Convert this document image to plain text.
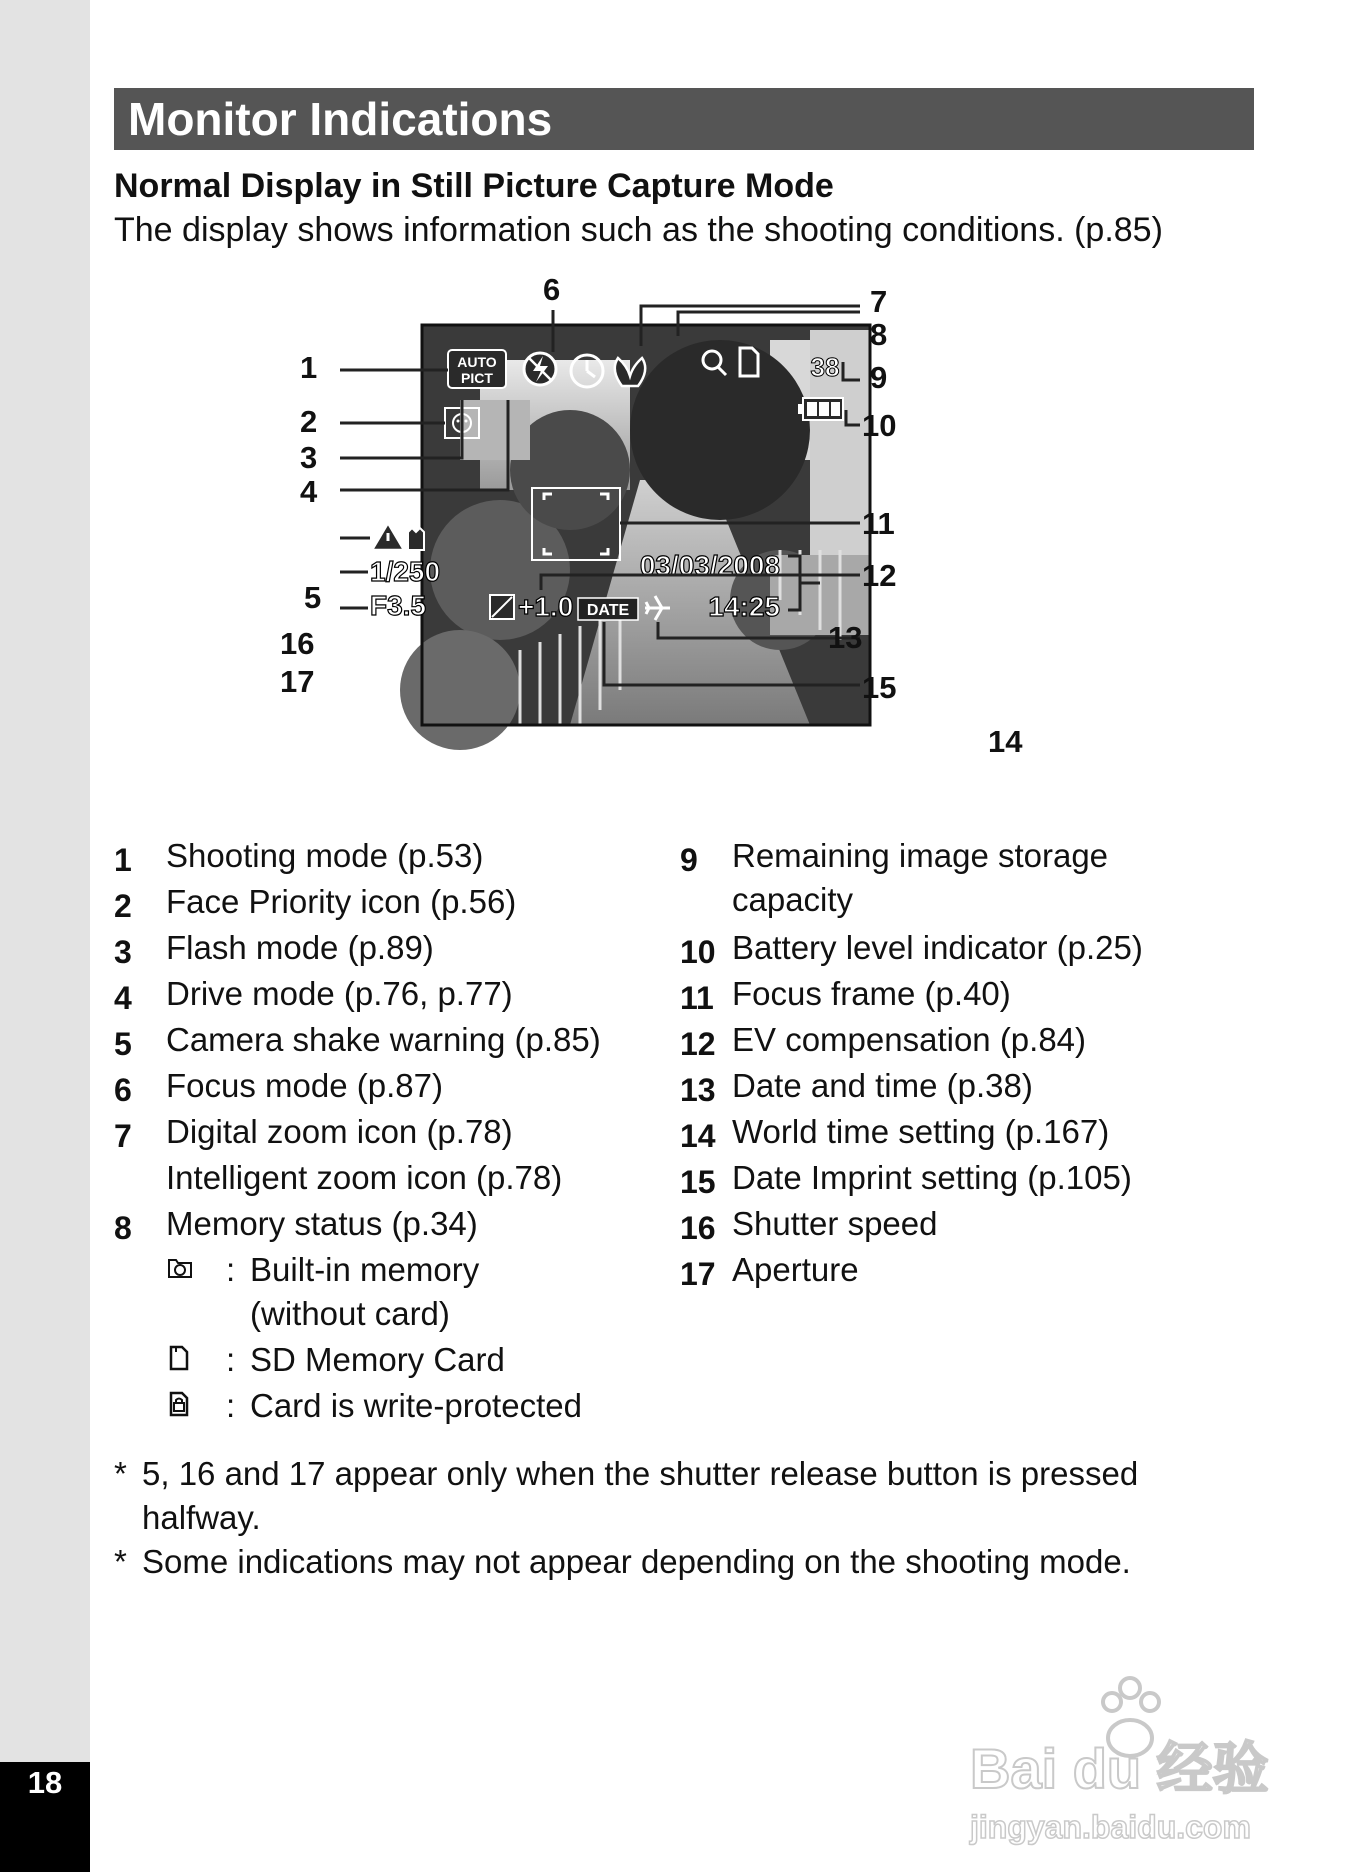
18
Monitor Indications
Normal Display in Still Picture Capture Mode
The display shows information such as the shooting conditions. (p.85)
AUTO
PICT	38
1/250
F3.5	+1.0 DATE
03/03/2008
14:25
1
2
3
4
5
6	7
8
9
10
11
12
13
15
16
17
14
1 Shooting mode (p.53)
2 Face Priority icon (p.56)
3 Flash mode (p.89)
4 Drive mode (p.76, p.77)
5 Camera shake warning (p.85)
6 Focus mode (p.87)
7 Digital zoom icon (p.78)
Intelligent zoom icon (p.78)
8 Memory status (p.34)
: Built-in memory
(without card)
: SD Memory Card
: Card is write-protected
9 Remaining image storage
capacity
10 Battery level indicator (p.25)
11 Focus frame (p.40)
12 EV compensation (p.84)
13 Date and time (p.38)
14 World time setting (p.167)
15 Date Imprint setting (p.105)
16 Shutter speed
17 Aperture
* 5, 16 and 17 appear only when the shutter release button is pressed
halfway.
* Some indications may not appear depending on the shooting mode.
Bai du 经验
jingyan.baidu.com
